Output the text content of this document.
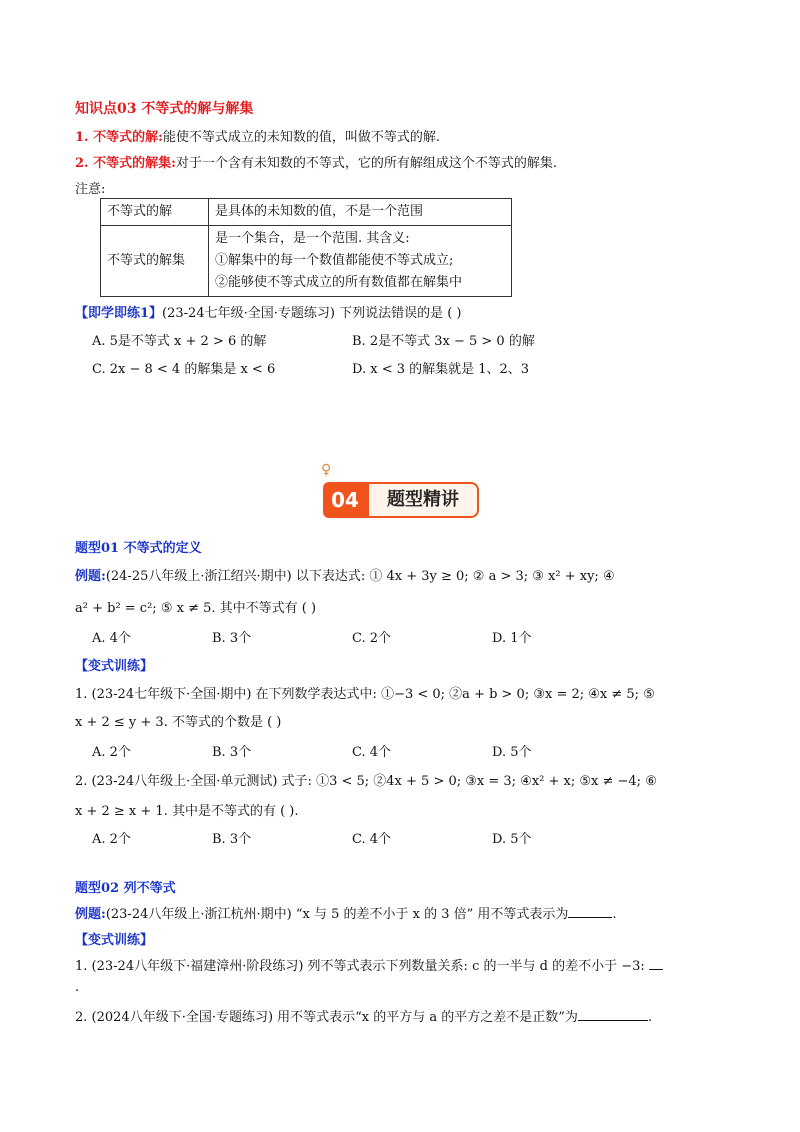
知识点03 不等式的解与解集
1. 不等式的解:能使不等式成立的未知数的值，叫做不等式的解.
2. 不等式的解集:对于一个含有未知数的不等式，它的所有解组成这个不等式的解集.
注意:
不等式的解	是具体的未知数的值，不是一个范围
不等式的解集	是一个集合，是一个范围. 其含义:
①解集中的每一个数值都能使不等式成立;
②能够使不等式成立的所有数值都在解集中
【即学即练1】(23-24七年级·全国·专题练习) 下列说法错误的是 ( )
A. 5是不等式 x + 2 > 6 的解	B. 2是不等式 3x − 5 > 0 的解
C. 2x − 8 < 4 的解集是 x < 6	D. x < 3 的解集就是 1、2、3
♀
04	题型精讲
题型01 不等式的定义
例题:(24-25八年级上·浙江绍兴·期中) 以下表达式: ① 4x + 3y ≥ 0; ② a > 3; ③ x² + xy; ④
a² + b² = c²; ⑤ x ≠ 5. 其中不等式有 ( )
A. 4个	B. 3个	C. 2个	D. 1个
【变式训练】
1. (23-24七年级下·全国·期中) 在下列数学表达式中: ①−3 < 0; ②a + b > 0; ③x = 2; ④x ≠ 5; ⑤
x + 2 ≤ y + 3. 不等式的个数是 ( )
A. 2个	B. 3个	C. 4个	D. 5个
2. (23-24八年级上·全国·单元测试) 式子: ①3 < 5; ②4x + 5 > 0; ③x = 3; ④x² + x; ⑤x ≠ −4; ⑥
x + 2 ≥ x + 1. 其中是不等式的有 ( ).
A. 2个	B. 3个	C. 4个	D. 5个
题型02 列不等式
例题:(23-24八年级上·浙江杭州·期中) “x 与 5 的差不小于 x 的 3 倍” 用不等式表示为	.
【变式训练】
1. (23-24八年级下·福建漳州·阶段练习) 列不等式表示下列数量关系: c 的一半与 d 的差不小于 −3:
.
2. (2024八年级下·全国·专题练习) 用不等式表示“x 的平方与 a 的平方之差不是正数”为	.
